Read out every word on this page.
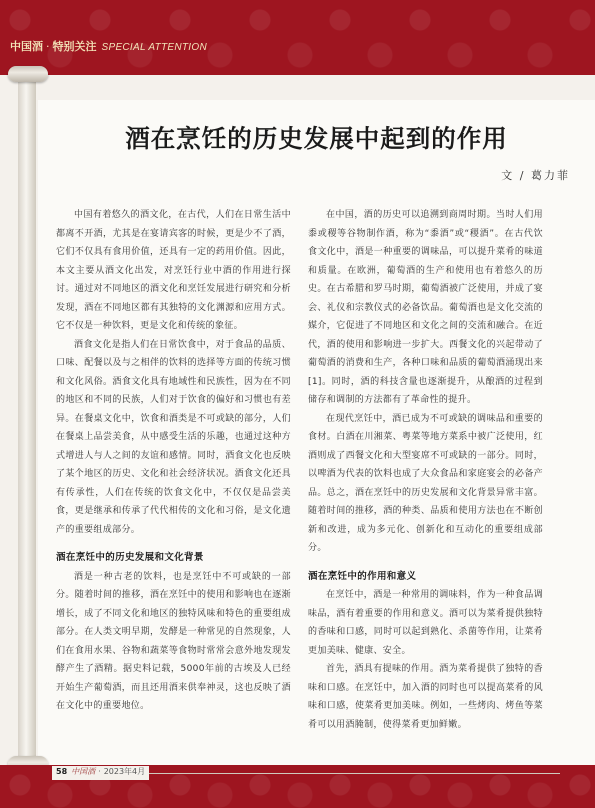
中国酒 · 特别关注 SPECIAL ATTENTION
酒在烹饪的历史发展中起到的作用
文 / 葛力菲

中国有着悠久的酒文化，在古代，人们在日常生活中都离不开酒，尤其是在宴请宾客的时候，更是少不了酒，它们不仅具有食用价值，还具有一定的药用价值。因此，本文主要从酒文化出发，对烹饪行业中酒的作用进行探讨。通过对不同地区的酒文化和烹饪发展进行研究和分析发现，酒在不同地区都有其独特的文化渊源和应用方式。它不仅是一种饮料，更是文化和传统的象征。

酒食文化是指人们在日常饮食中，对于食品的品质、口味、配餐以及与之相伴的饮料的选择等方面的传统习惯和文化风俗。酒食文化具有地域性和民族性，因为在不同的地区和不同的民族，人们对于饮食的偏好和习惯也有差异。在餐桌文化中，饮食和酒类是不可或缺的部分，人们在餐桌上品尝美食，从中感受生活的乐趣，也通过这种方式增进人与人之间的友谊和感情。同时，酒食文化也反映了某个地区的历史、文化和社会经济状况。酒食文化还具有传承性，人们在传统的饮食文化中，不仅仅是品尝美食，更是继承和传承了代代相传的文化和习俗，是文化遗产的重要组成部分。

酒在烹饪中的历史发展和文化背景

酒是一种古老的饮料，也是烹饪中不可或缺的一部分。随着时间的推移，酒在烹饪中的使用和影响也在逐渐增长，成了不同文化和地区的独特风味和特色的重要组成部分。在人类文明早期，发酵是一种常见的自然现象，人们在食用水果、谷物和蔬菜等食物时常常会意外地发现发酵产生了酒精。据史料记载，5000年前的古埃及人已经开始生产葡萄酒，而且还用酒来供奉神灵，这也反映了酒在文化中的重要地位。

在中国，酒的历史可以追溯到商周时期。当时人们用黍或稷等谷物制作酒，称为“黍酒”或“稷酒”。在古代饮食文化中，酒是一种重要的调味品，可以提升菜肴的味道和质量。在欧洲，葡萄酒的生产和使用也有着悠久的历史。在古希腊和罗马时期，葡萄酒被广泛使用，并成了宴会、礼仪和宗教仪式的必备饮品。葡萄酒也是文化交流的媒介，它促进了不同地区和文化之间的交流和融合。在近代，酒的使用和影响进一步扩大。西餐文化的兴起带动了葡萄酒的消费和生产，各种口味和品质的葡萄酒涌现出来[1]。同时，酒的科技含量也逐渐提升，从酿酒的过程到储存和调制的方法都有了革命性的提升。

在现代烹饪中，酒已成为不可或缺的调味品和重要的食材。白酒在川湘菜、粤菜等地方菜系中被广泛使用，红酒则成了西餐文化和大型宴席不可或缺的一部分。同时，以啤酒为代表的饮料也成了大众食品和家庭宴会的必备产品。总之，酒在烹饪中的历史发展和文化背景异常丰富。随着时间的推移，酒的种类、品质和使用方法也在不断创新和改进，成为多元化、创新化和互动化的重要组成部分。

酒在烹饪中的作用和意义

在烹饪中，酒是一种常用的调味料，作为一种食品调味品，酒有着重要的作用和意义。酒可以为菜肴提供独特的香味和口感，同时可以起到熟化、杀菌等作用，让菜肴更加美味、健康、安全。

首先，酒具有提味的作用。酒为菜肴提供了独特的香味和口感。在烹饪中，加入酒的同时也可以提高菜肴的风味和口感，使菜肴更加美味。例如，一些烤肉、烤鱼等菜肴可以用酒腌制，使得菜肴更加鲜嫩。

58 中国酒 · 2023年4月
